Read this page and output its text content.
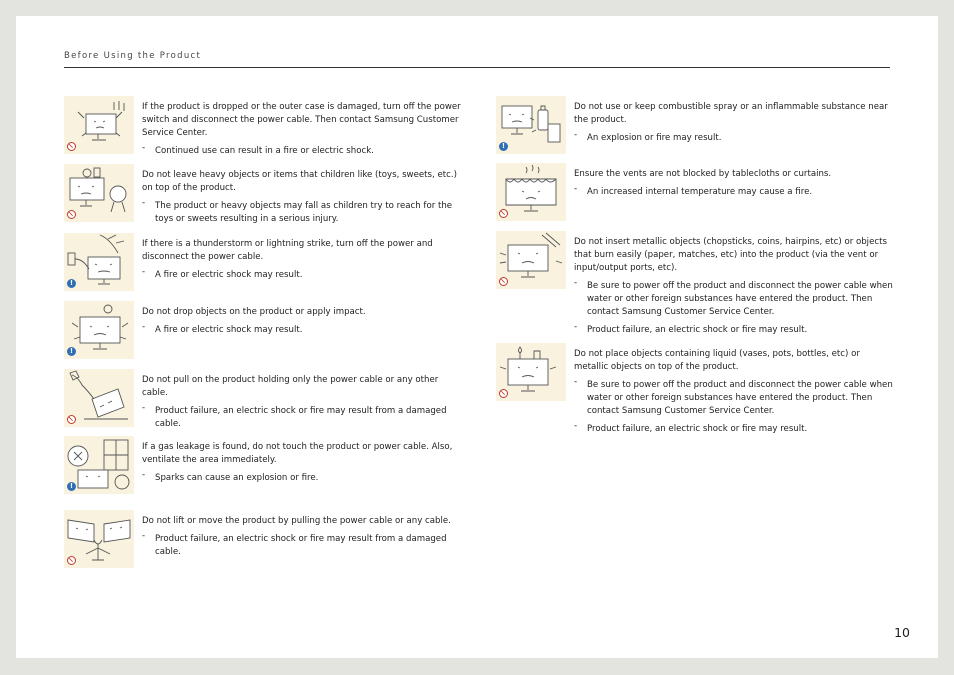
Before Using the Product

If the product is dropped or the outer case is damaged, turn off the power switch and disconnect the power cable. Then contact Samsung Customer Service Center.

- Continued use can result in a fire or electric shock.

Do not leave heavy objects or items that children like (toys, sweets, etc.) on top of the product.

- The product or heavy objects may fall as children try to reach for the toys or sweets resulting in a serious injury.
!

If there is a thunderstorm or lightning strike, turn off the power and disconnect the power cable.

- A fire or electric shock may result.
!

Do not drop objects on the product or apply impact.

- A fire or electric shock may result.

Do not pull on the product holding only the power cable or any other cable.

- Product failure, an electric shock or fire may result from a damaged cable.
!

If a gas leakage is found, do not touch the product or power cable. Also, ventilate the area immediately.

- Sparks can cause an explosion or fire.

Do not lift or move the product by pulling the power cable or any cable.

- Product failure, an electric shock or fire may result from a damaged cable.
!

Do not use or keep combustible spray or an inflammable substance near the product.

- An explosion or fire may result.

Ensure the vents are not blocked by tablecloths or curtains.

- An increased internal temperature may cause a fire.

Do not insert metallic objects (chopsticks, coins, hairpins, etc) or objects that burn easily (paper, matches, etc) into the product (via the vent or input/output ports, etc).

- Be sure to power off the product and disconnect the power cable when water or other foreign substances have entered the product. Then contact Samsung Customer Service Center.
- Product failure, an electric shock or fire may result.

Do not place objects containing liquid (vases, pots, bottles, etc) or metallic objects on top of the product.

- Be sure to power off the product and disconnect the power cable when water or other foreign substances have entered the product. Then contact Samsung Customer Service Center.
- Product failure, an electric shock or fire may result.
10
